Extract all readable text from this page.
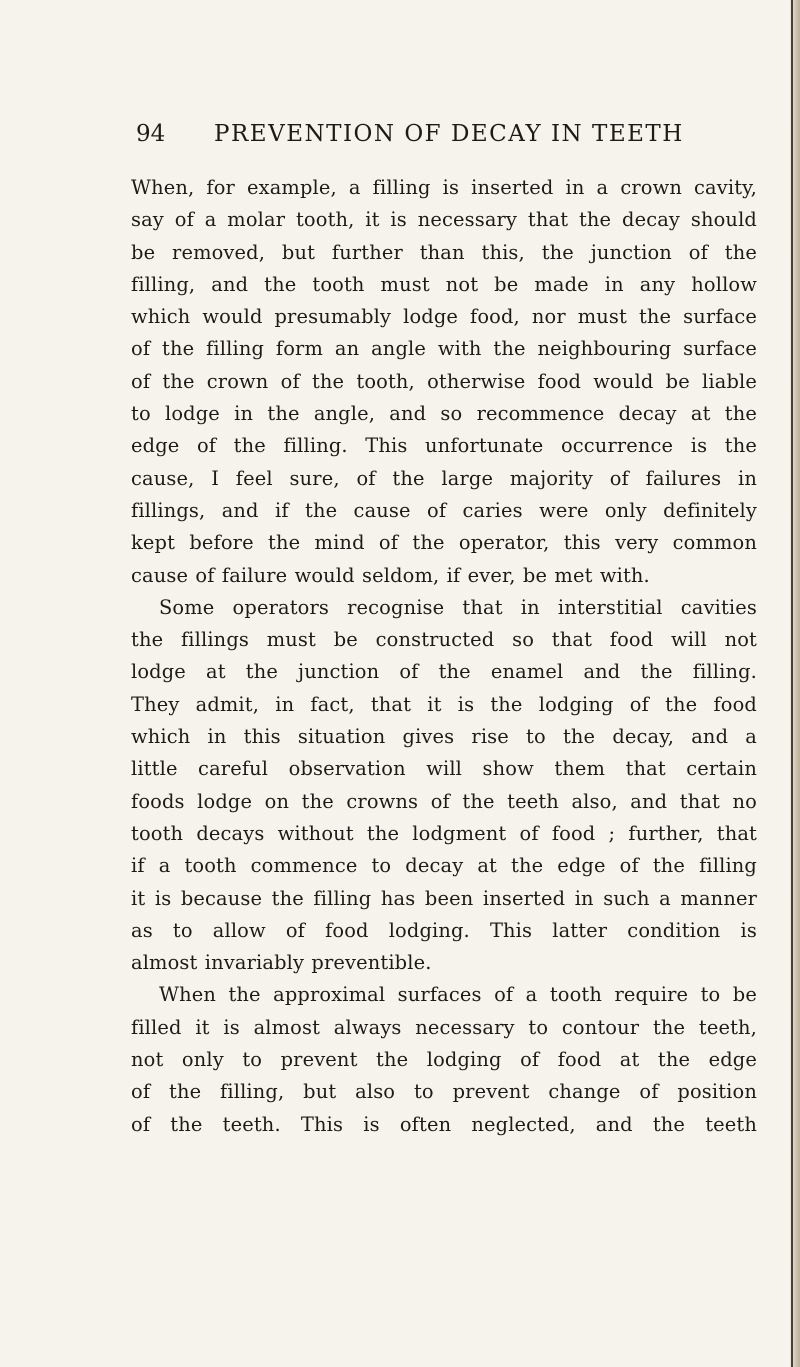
94 PREVENTION OF DECAY IN TEETH
When, for example, a filling is inserted in a crown cavity,
say of a molar tooth, it is necessary that the decay should
be removed, but further than this, the junction of the
filling, and the tooth must not be made in any hollow
which would presumably lodge food, nor must the surface
of the filling form an angle with the neighbouring surface
of the crown of the tooth, otherwise food would be liable
to lodge in the angle, and so recommence decay at the
edge of the filling. This unfortunate occurrence is the
cause, I feel sure, of the large majority of failures in
fillings, and if the cause of caries were only definitely
kept before the mind of the operator, this very common
cause of failure would seldom, if ever, be met with.
Some operators recognise that in interstitial cavities
the fillings must be constructed so that food will not
lodge at the junction of the enamel and the filling.
They admit, in fact, that it is the lodging of the food
which in this situation gives rise to the decay, and a
little careful observation will show them that certain
foods lodge on the crowns of the teeth also, and that no
tooth decays without the lodgment of food ; further, that
if a tooth commence to decay at the edge of the filling
it is because the filling has been inserted in such a manner
as to allow of food lodging. This latter condition is
almost invariably preventible.
When the approximal surfaces of a tooth require to be
filled it is almost always necessary to contour the teeth,
not only to prevent the lodging of food at the edge
of the filling, but also to prevent change of position
of the teeth. This is often neglected, and the teeth
